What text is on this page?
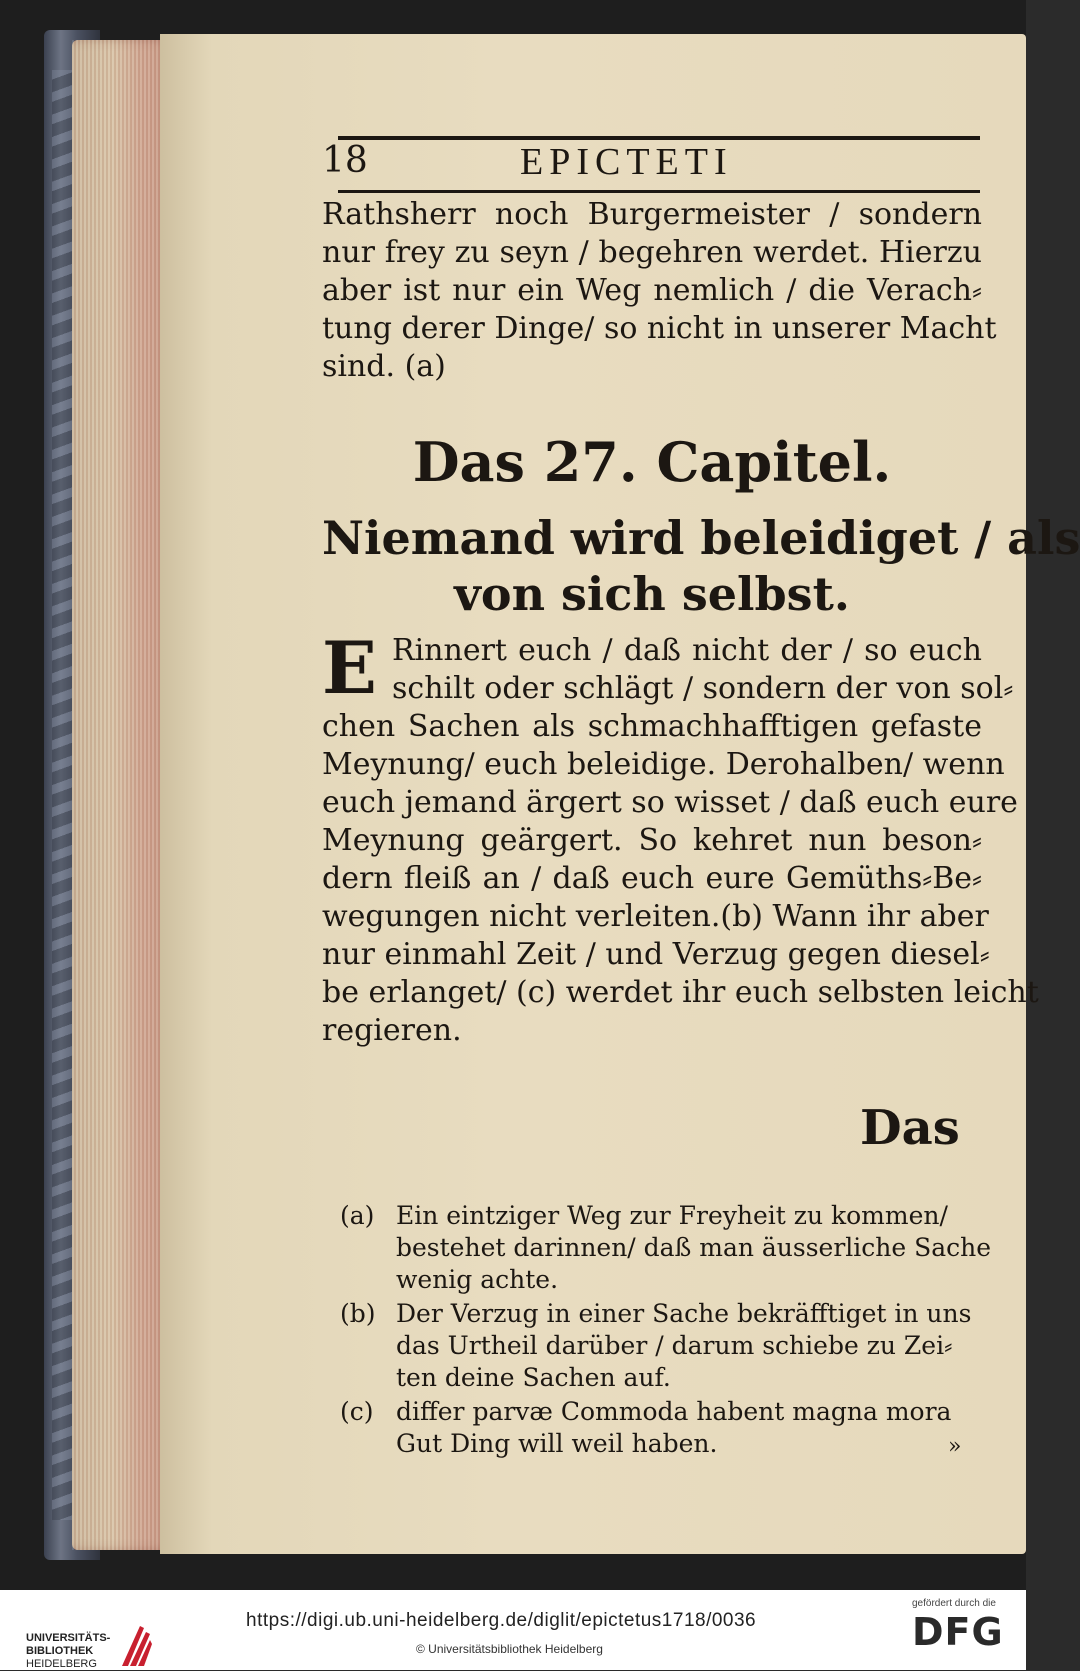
18	EPICTETI
Rathsherr noch Burgermeister / sondern
nur frey zu seyn / begehren werdet. Hierzu
aber ist nur ein Weg nemlich / die Verach⸗
tung derer Dinge/ so nicht in unserer Macht
sind. (a)
Das 27. Capitel.
Niemand wird beleidiget / als
von sich selbst.
E Rinnert euch / daß nicht der / so euch
schilt oder schlägt / sondern der von sol⸗
chen Sachen als schmachhafftigen gefaste
Meynung/ euch beleidige. Derohalben/ wenn
euch jemand ärgert so wisset / daß euch eure
Meynung geärgert. So kehret nun beson⸗
dern fleiß an / daß euch eure Gemüths⸗Be⸗
wegungen nicht verleiten.(b) Wann ihr aber
nur einmahl Zeit / und Verzug gegen diesel⸗
be erlanget/ (c) werdet ihr euch selbsten leicht
regieren.
Das
(a) Ein eintziger Weg zur Freyheit zu kommen/
bestehet darinnen/ daß man äusserliche Sache
wenig achte.
(b) Der Verzug in einer Sache bekräfftiget in uns
das Urtheil darüber / darum schiebe zu Zei⸗
ten deine Sachen auf.
(c) differ parvæ Commoda habent magna mora
Gut Ding will weil haben.	»
UNIVERSITÄTS-
BIBLIOTHEK
HEIDELBERG
https://digi.ub.uni-heidelberg.de/diglit/epictetus1718/0036
© Universitätsbibliothek Heidelberg
gefördert durch die
DFG
